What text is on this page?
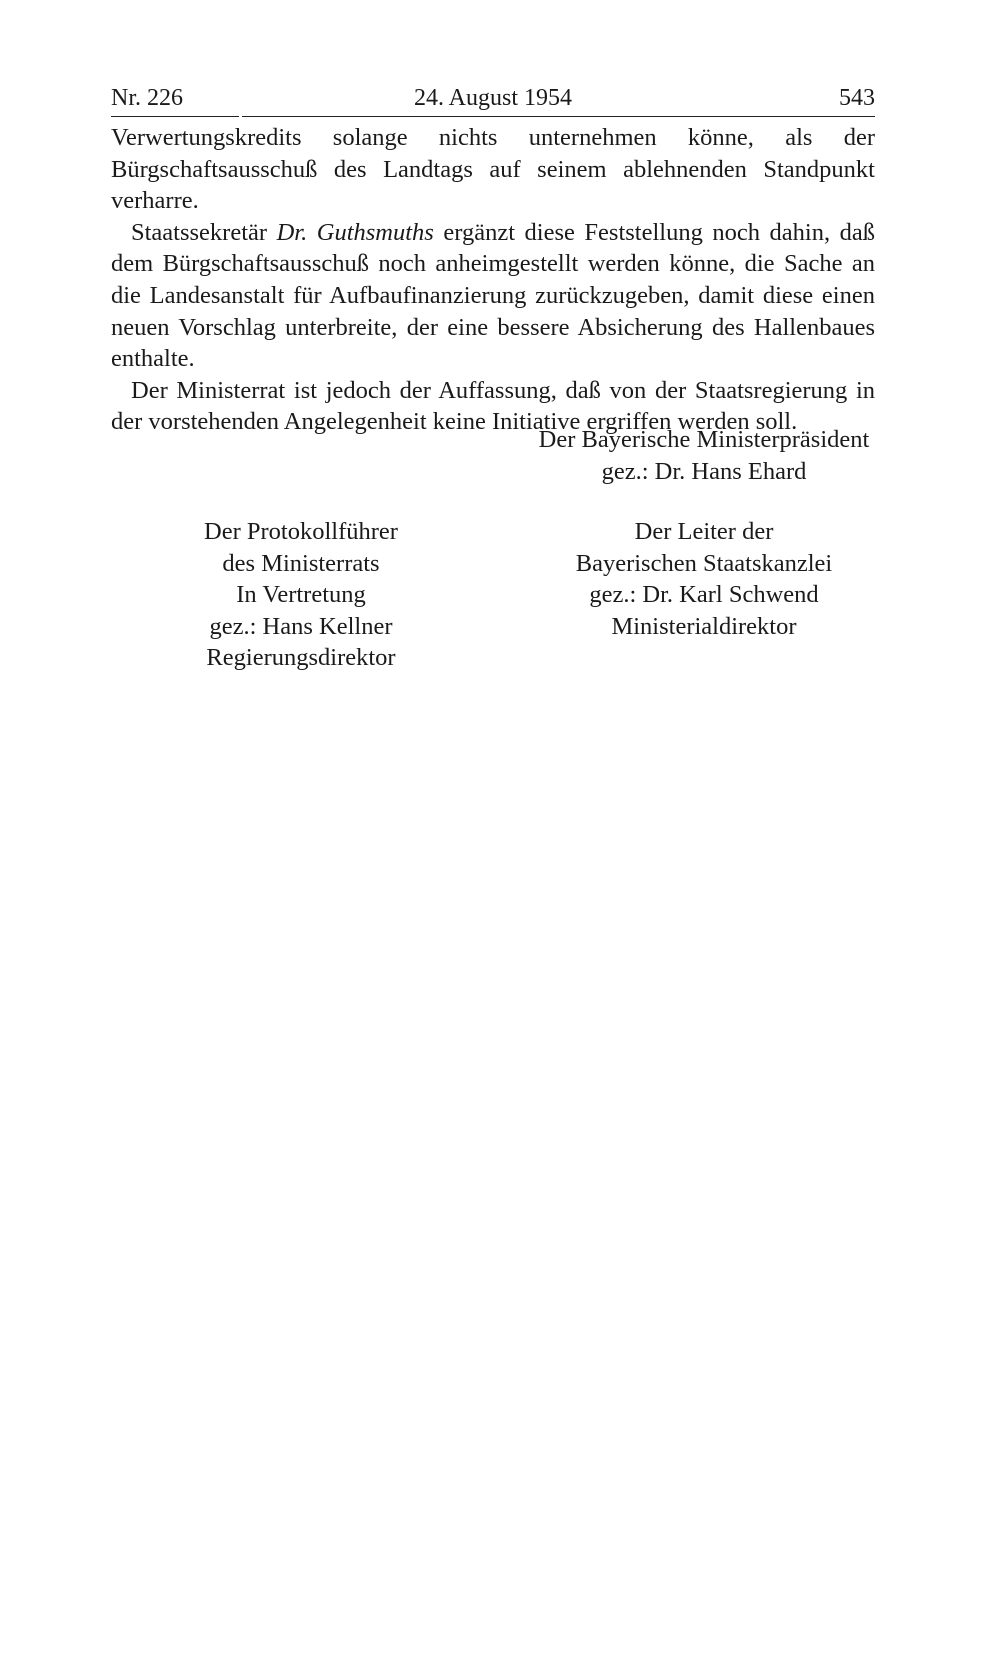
Nr. 226	24. August 1954	543

Verwertungskredits solange nichts unternehmen könne, als der Bürgschaftsausschuß des Landtags auf seinem ablehnenden Standpunkt verharre.

Staatssekretär Dr. Guthsmuths ergänzt diese Feststellung noch dahin, daß dem Bürgschaftsausschuß noch anheimgestellt werden könne, die Sache an die Landesanstalt für Aufbaufinanzierung zurückzugeben, damit diese einen neuen Vorschlag unterbreite, der eine bessere Absicherung des Hallenbaues enthalte.

Der Ministerrat ist jedoch der Auffassung, daß von der Staatsregierung in der vorstehenden Angelegenheit keine Initiative ergriffen werden soll.

Der Bayerische Ministerpräsident
gez.: Dr. Hans Ehard
Der Protokollführer
des Ministerrats
In Vertretung
gez.: Hans Kellner
Regierungsdirektor
Der Leiter der
Bayerischen Staatskanzlei
gez.: Dr. Karl Schwend
Ministerialdirektor
